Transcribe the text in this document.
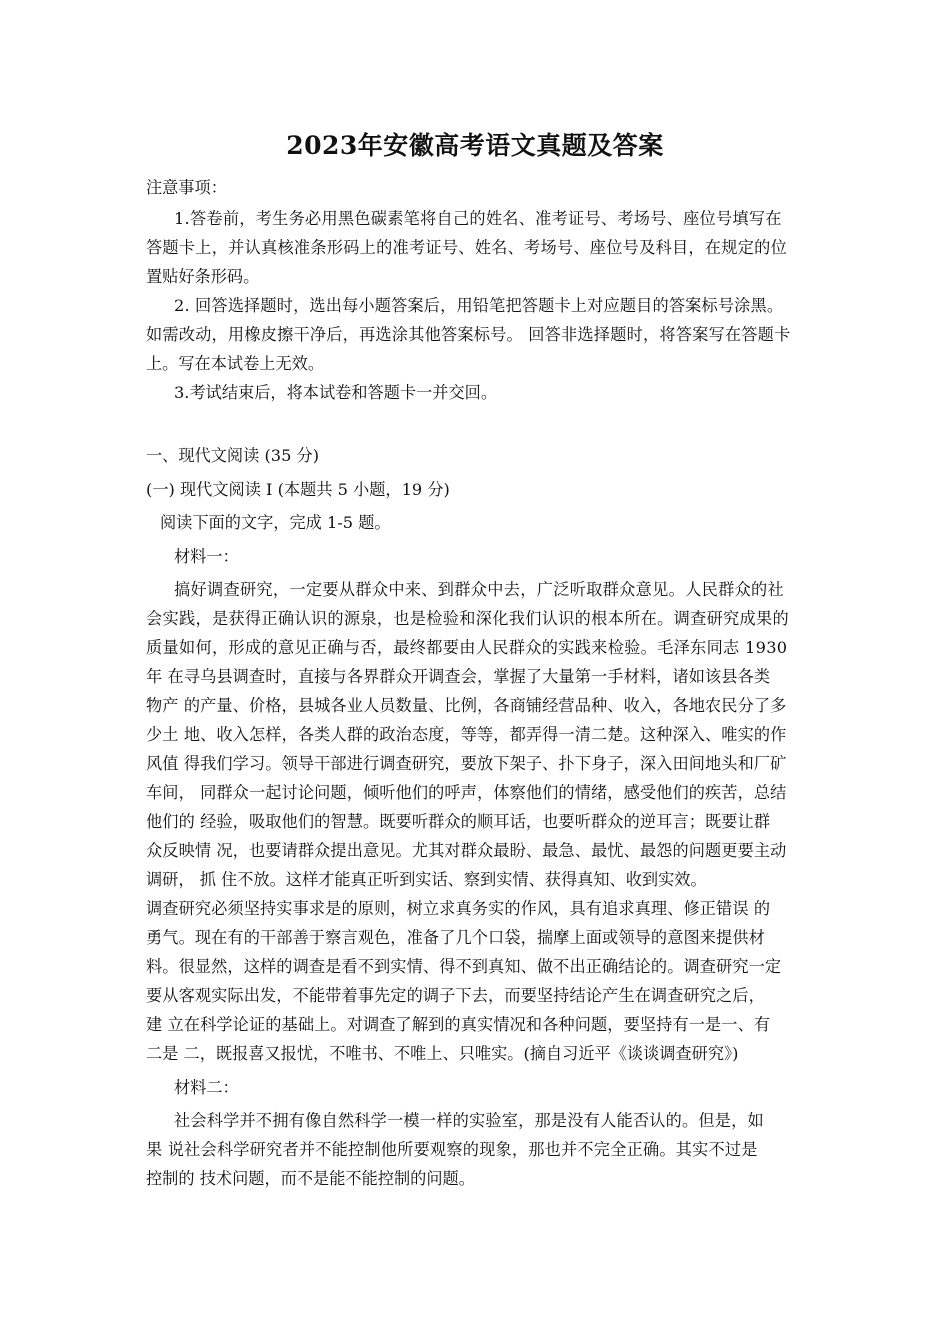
2023年安徽高考语文真题及答案
注意事项：
1.答卷前，考生务必用黑色碳素笔将自己的姓名、准考证号、考场号、座位号填写在
答题卡上，并认真核准条形码上的准考证号、姓名、考场号、座位号及科目，在规定的位
置贴好条形码。
2. 回答选择题时，选出每小题答案后，用铅笔把答题卡上对应题目的答案标号涂黑。
如需改动，用橡皮擦干净后，再选涂其他答案标号。 回答非选择题时，将答案写在答题卡
上。写在本试卷上无效。
3.考试结束后，将本试卷和答题卡一并交回。
一、现代文阅读 (35 分)
(一) 现代文阅读 I (本题共 5 小题，19 分)
阅读下面的文字，完成 1-5 题。
材料一：
搞好调查研究，一定要从群众中来、到群众中去，广泛听取群众意见。人民群众的社
会实践，是获得正确认识的源泉，也是检验和深化我们认识的根本所在。调查研究成果的
质量如何，形成的意见正确与否，最终都要由人民群众的实践来检验。毛泽东同志 1930
年 在寻乌县调查时，直接与各界群众开调查会，掌握了大量第一手材料，诸如该县各类
物产 的产量、价格，县城各业人员数量、比例，各商铺经营品种、收入，各地农民分了多
少土 地、收入怎样，各类人群的政治态度，等等，都弄得一清二楚。这种深入、唯实的作
风值 得我们学习。领导干部进行调查研究，要放下架子、扑下身子，深入田间地头和厂矿
车间， 同群众一起讨论问题，倾听他们的呼声，体察他们的情绪，感受他们的疾苦，总结
他们的 经验，吸取他们的智慧。既要听群众的顺耳话，也要听群众的逆耳言；既要让群
众反映情 况，也要请群众提出意见。尤其对群众最盼、最急、最忧、最怨的问题更要主动
调研， 抓 住不放。这样才能真正听到实话、察到实情、获得真知、收到实效。
调查研究必须坚持实事求是的原则，树立求真务实的作风，具有追求真理、修正错误 的
勇气。现在有的干部善于察言观色，准备了几个口袋，揣摩上面或领导的意图来提供材
料。很显然，这样的调查是看不到实情、得不到真知、做不出正确结论的。调查研究一定
要从客观实际出发，不能带着事先定的调子下去，而要坚持结论产生在调查研究之后，
建 立在科学论证的基础上。对调查了解到的真实情况和各种问题，要坚持有一是一、有
二是 二，既报喜又报忧，不唯书、不唯上、只唯实。(摘自习近平《谈谈调查研究》)
材料二：
社会科学并不拥有像自然科学一模一样的实验室，那是没有人能否认的。但是，如
果 说社会科学研究者并不能控制他所要观察的现象，那也并不完全正确。其实不过是
控制的 技术问题，而不是能不能控制的问题。
